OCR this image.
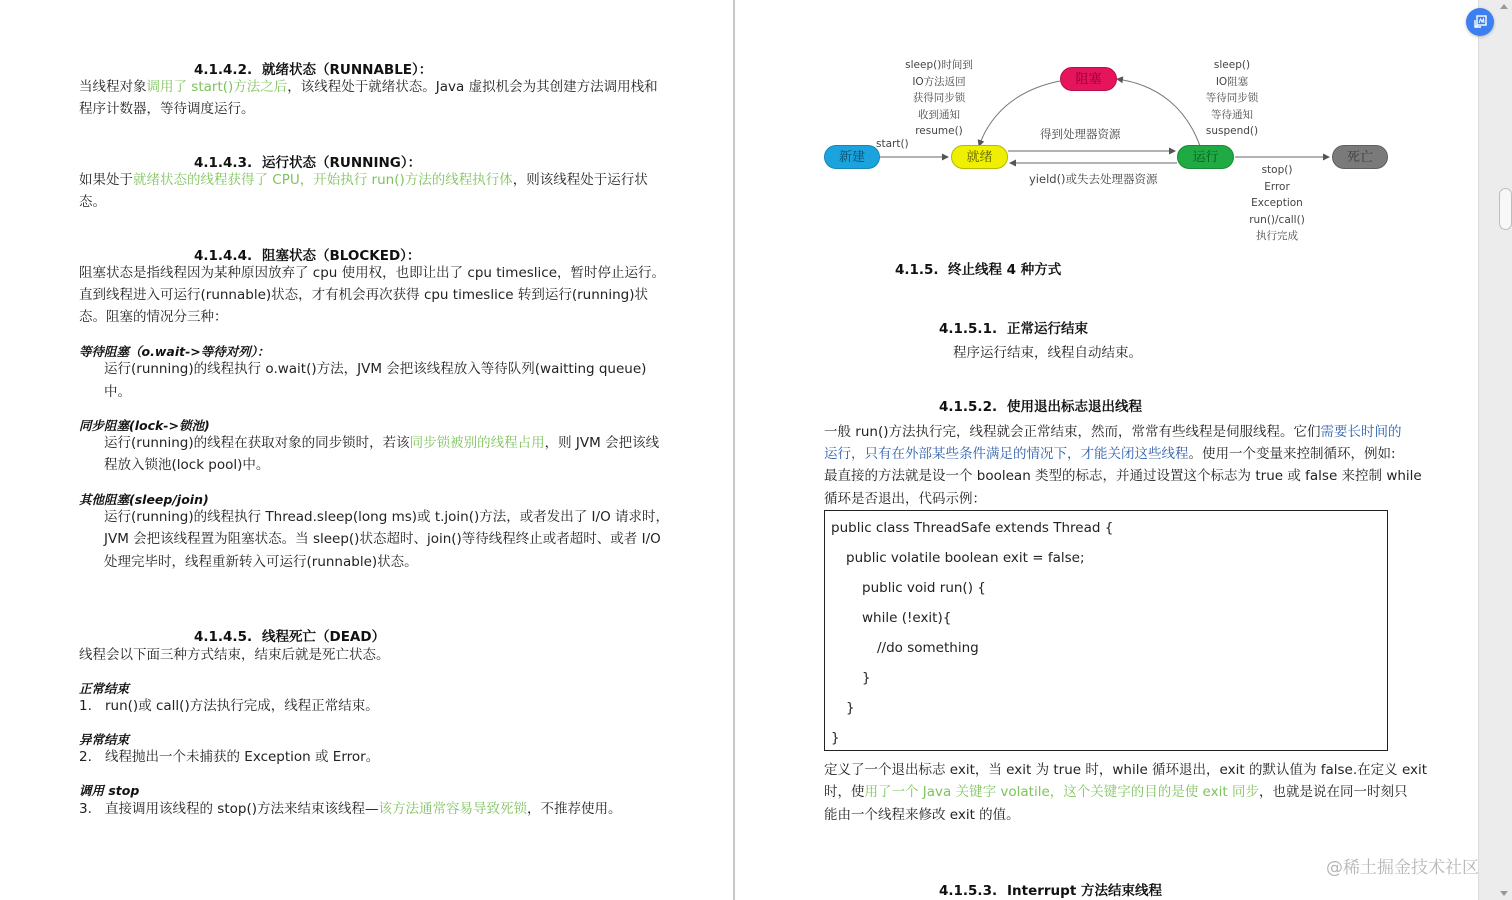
4.1.4.2. 就绪状态（RUNNABLE）：
当线程对象调用了 start()方法之后，该线程处于就绪状态。Java 虚拟机会为其创建方法调用栈和
程序计数器，等待调度运行。
4.1.4.3. 运行状态（RUNNING）：
如果处于就绪状态的线程获得了 CPU，开始执行 run()方法的线程执行体，则该线程处于运行状
态。
4.1.4.4. 阻塞状态（BLOCKED）：
阻塞状态是指线程因为某种原因放弃了 cpu 使用权，也即让出了 cpu timeslice，暂时停止运行。
直到线程进入可运行(runnable)状态，才有机会再次获得 cpu timeslice 转到运行(running)状
态。阻塞的情况分三种：
等待阻塞（o.wait->等待对列）：
运行(running)的线程执行 o.wait()方法，JVM 会把该线程放入等待队列(waitting queue)
中。
同步阻塞(lock->锁池)
运行(running)的线程在获取对象的同步锁时，若该同步锁被别的线程占用，则 JVM 会把该线
程放入锁池(lock pool)中。
其他阻塞(sleep/join)
运行(running)的线程执行 Thread.sleep(long ms)或 t.join()方法，或者发出了 I/O 请求时，
JVM 会把该线程置为阻塞状态。当 sleep()状态超时、join()等待线程终止或者超时、或者 I/O
处理完毕时，线程重新转入可运行(runnable)状态。
4.1.4.5. 线程死亡（DEAD）
线程会以下面三种方式结束，结束后就是死亡状态。
正常结束
1. run()或 call()方法执行完成，线程正常结束。
异常结束
2. 线程抛出一个未捕获的 Exception 或 Error。
调用 stop
3. 直接调用该线程的 stop()方法来结束该线程—该方法通常容易导致死锁，不推荐使用。
新建	就绪
阻塞
运行	死亡
start()
sleep()时间到
IO方法返回
获得同步锁
收到通知
resume()
sleep()
IO阻塞
等待同步锁
等待通知
suspend()
得到处理器资源
yield()或失去处理器资源
stop()
Error
Exception
run()/call()
执行完成
4.1.5. 终止线程 4 种方式
4.1.5.1. 正常运行结束
程序运行结束，线程自动结束。
4.1.5.2. 使用退出标志退出线程
一般 run()方法执行完，线程就会正常结束，然而，常常有些线程是伺服线程。它们需要长时间的
运行，只有在外部某些条件满足的情况下，才能关闭这些线程。使用一个变量来控制循环，例如:
最直接的方法就是设一个 boolean 类型的标志，并通过设置这个标志为 true 或 false 来控制 while
循环是否退出，代码示例：
public class ThreadSafe extends Thread {
public volatile boolean exit = false;
public void run() {
while (!exit){
//do something
}
}
}
定义了一个退出标志 exit，当 exit 为 true 时，while 循环退出，exit 的默认值为 false.在定义 exit
时，使用了一个 Java 关键字 volatile，这个关键字的目的是使 exit 同步，也就是说在同一时刻只
能由一个线程来修改 exit 的值。
4.1.5.3. Interrupt 方法结束线程
@稀土掘金技术社区
